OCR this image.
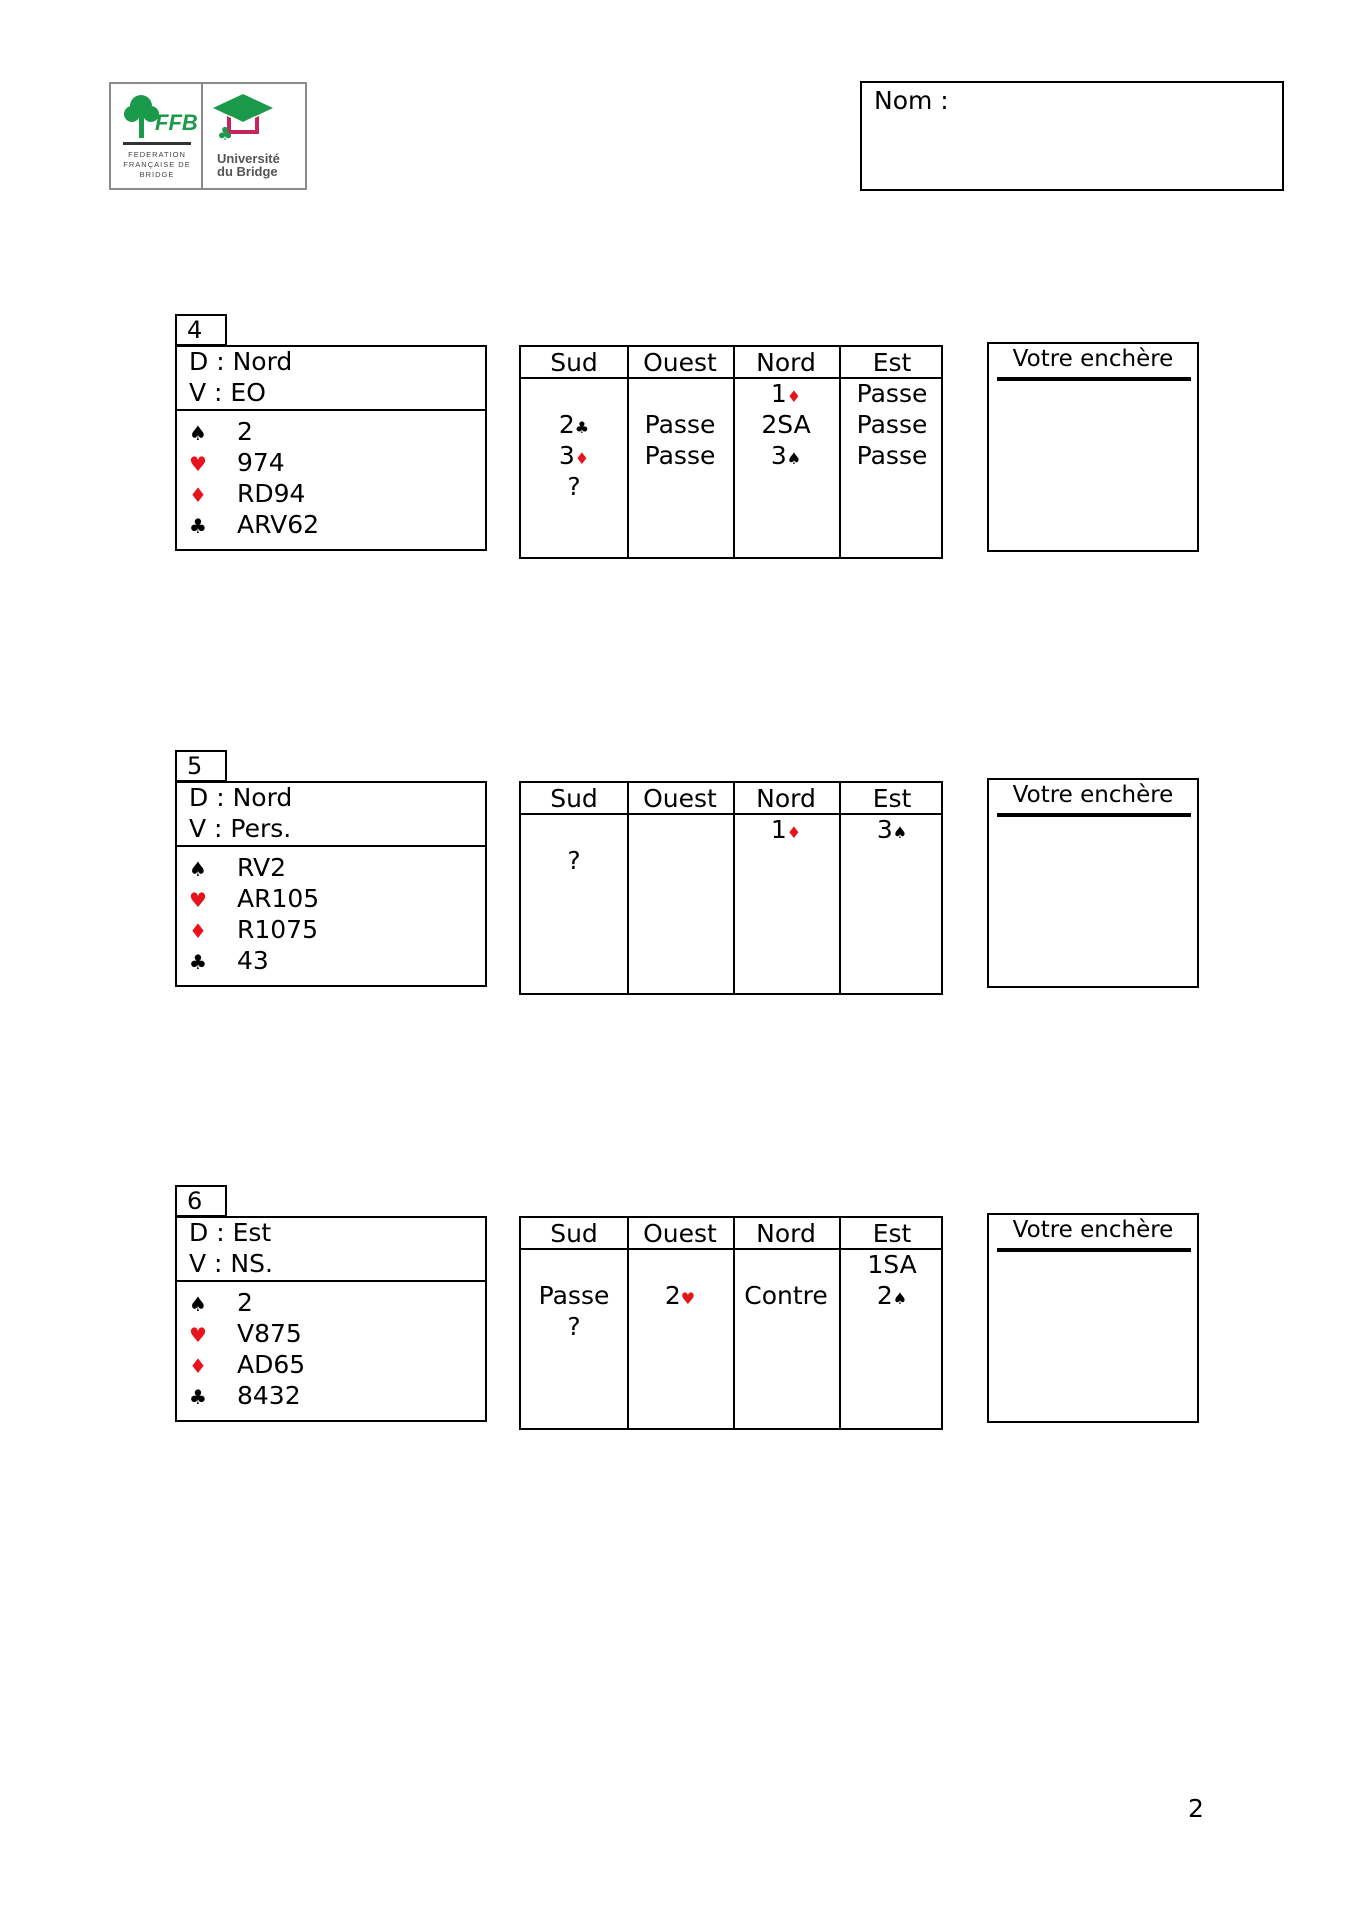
FFB
FEDERATION FRANÇAISE DE BRIDGE
♣
Université
du Bridge
Nom :
4
D : Nord
V : EO
♠ 2
♥ 974
♦ RD94
♣ ARV62
Sud
2♣
3♦
?
Ouest
Passe
Passe
Nord
1♦
2SA
3♠
Est
Passe
Passe
Passe
Votre enchère
5
D : Nord
V : Pers.
♠ RV2
♥ AR105
♦ R1075
♣ 43
Sud
?
Ouest	Nord
1♦
Est
3♠
Votre enchère
6
D : Est
V : NS.
♠ 2
♥ V875
♦ AD65
♣ 8432
Sud
Passe
?
Ouest
2♥
Nord
Contre
Est
1SA
2♠
Votre enchère
2
